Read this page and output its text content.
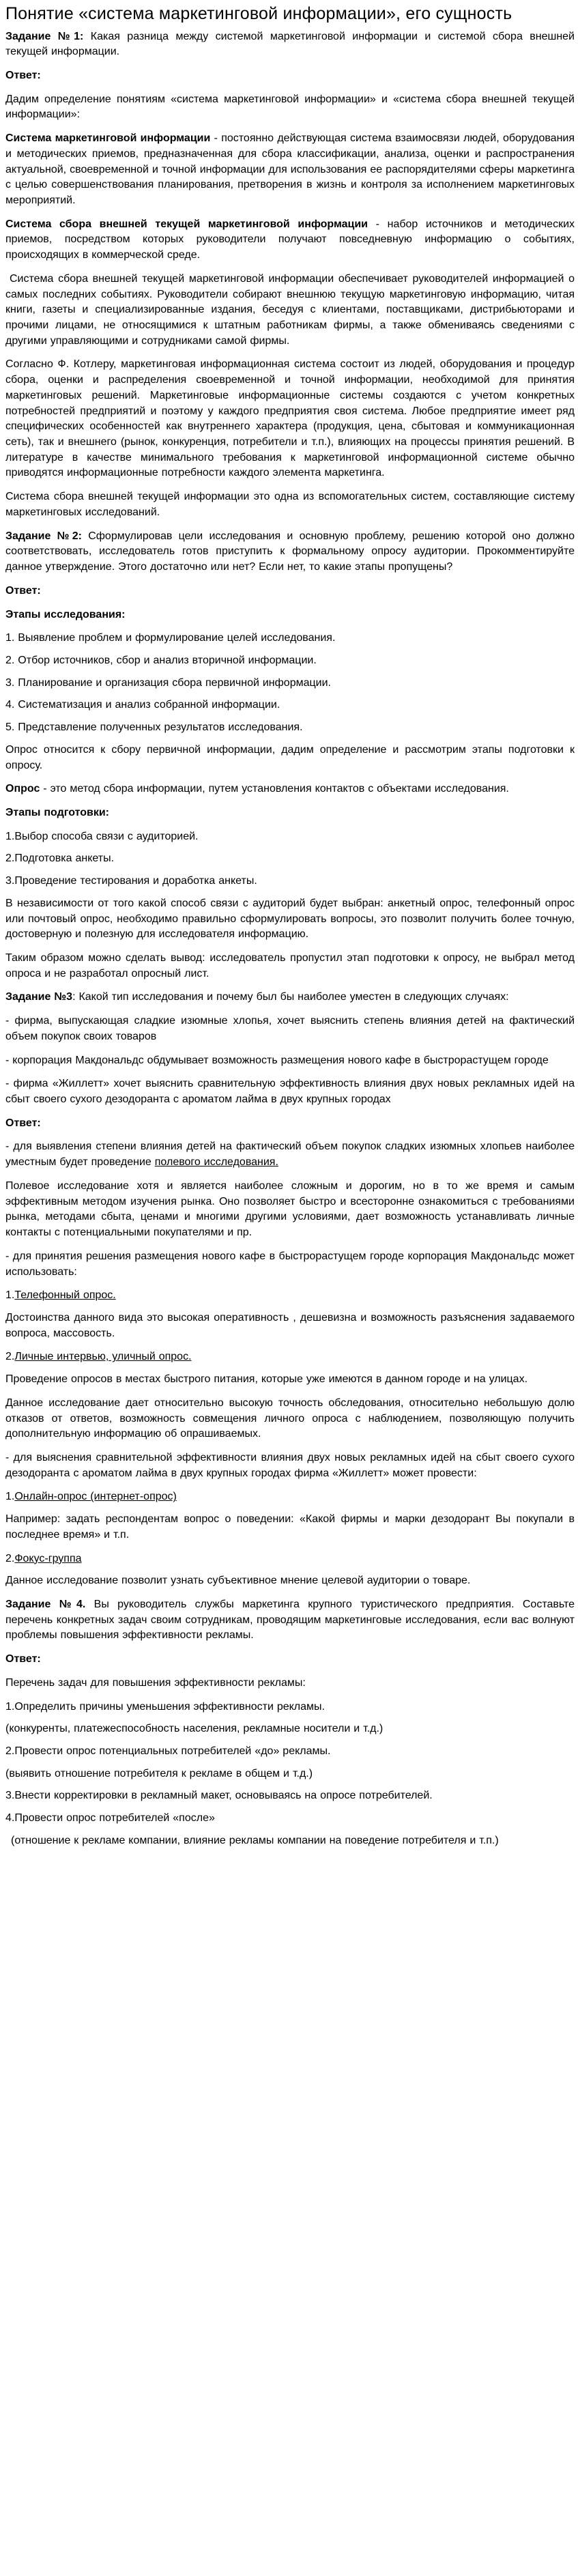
Понятие «система маркетинговой информации», его сущность

Задание №1: Какая разница между системой маркетинговой информации и системой сбора внешней текущей информации.

Ответ:

Дадим определение понятиям «система маркетинговой информации» и «система сбора внешней текущей информации»:

Система маркетинговой информации - постоянно действующая система взаимосвязи людей, оборудования и методических приемов, предназначенная для сбора классификации, анализа, оценки и распространения актуальной, своевременной и точной информации для использования ее распорядителями сферы маркетинга с целью совершенствования планирования, претворения в жизнь и контроля за исполнением маркетинговых мероприятий.

Система сбора внешней текущей маркетинговой информации - набор источников и методических приемов, посредством которых руководители получают повседневную информацию о событиях, происходящих в коммерческой среде.

Система сбора внешней текущей маркетинговой информации обеспечивает руководителей информацией о самых последних событиях. Руководители собирают внешнюю текущую маркетинговую информацию, читая книги, газеты и специализированные издания, беседуя с клиентами, поставщиками, дистрибьюторами и прочими лицами, не относящимися к штатным работникам фирмы, а также обмениваясь сведениями с другими управляющими и сотрудниками самой фирмы.

Согласно Ф. Котлеру, маркетинговая информационная система состоит из людей, оборудования и процедур сбора, оценки и распределения своевременной и точной информации, необходимой для принятия маркетинговых решений. Маркетинговые информационные системы создаются с учетом конкретных потребностей предприятий и поэтому у каждого предприятия своя система. Любое предприятие имеет ряд специфических особенностей как внутреннего характера (продукция, цена, сбытовая и коммуникационная сеть), так и внешнего (рынок, конкуренция, потребители и т.п.), влияющих на процессы принятия решений. В литературе в качестве минимального требования к маркетинговой информационной системе обычно приводятся информационные потребности каждого элемента маркетинга.

Система сбора внешней текущей информации это одна из вспомогательных систем, составляющие систему маркетинговых исследований.

Задание №2: Сформулировав цели исследования и основную проблему, решению которой оно должно соответствовать, исследователь готов приступить к формальному опросу аудитории. Прокомментируйте данное утверждение. Этого достаточно или нет? Если нет, то какие этапы пропущены?

Ответ:

Этапы исследования:

1. Выявление проблем и формулирование целей исследования.

2. Отбор источников, сбор и анализ вторичной информации.

3. Планирование и организация сбора первичной информации.

4. Систематизация и анализ собранной информации.

5. Представление полученных результатов исследования.

Опрос относится к сбору первичной информации, дадим определение и рассмотрим этапы подготовки к опросу.

Опрос - это метод сбора информации, путем установления контактов с объектами исследования.

Этапы подготовки:

1.Выбор способа связи с аудиторией.

2.Подготовка анкеты.

3.Проведение тестирования и доработка анкеты.

В независимости от того какой способ связи с аудиторий будет выбран: анкетный опрос, телефонный опрос или почтовый опрос, необходимо правильно сформулировать вопросы, это позволит получить более точную, достоверную и полезную для исследователя информацию.

Таким образом можно сделать вывод: исследователь пропустил этап подготовки к опросу, не выбрал метод опроса и не разработал опросный лист.

Задание №3: Какой тип исследования и почему был бы наиболее уместен в следующих случаях:

- фирма, выпускающая сладкие изюмные хлопья, хочет выяснить степень влияния детей на фактический объем покупок своих товаров

- корпорация Макдональдс обдумывает возможность размещения нового кафе в быстрорастущем городе

- фирма «Жиллетт» хочет выяснить сравнительную эффективность влияния двух новых рекламных идей на сбыт своего сухого дезодоранта с ароматом лайма в двух крупных городах

Ответ:

- для выявления степени влияния детей на фактический объем покупок сладких изюмных хлопьев наиболее уместным будет проведение полевого исследования.

Полевое исследование хотя и является наиболее сложным и дорогим, но в то же время и самым эффективным методом изучения рынка. Оно позволяет быстро и всесторонне ознакомиться с требованиями рынка, методами сбыта, ценами и многими другими условиями, дает возможность устанавливать личные контакты с потенциальными покупателями и пр.

- для принятия решения размещения нового кафе в быстрорастущем городе корпорация Макдональдс может использовать:

1.Телефонный опрос.

Достоинства данного вида это высокая оперативность , дешевизна и возможность разъяснения задаваемого вопроса, массовость.

2.Личные интервью, уличный опрос.

Проведение опросов в местах быстрого питания, которые уже имеются в данном городе и на улицах.

Данное исследование дает относительно высокую точность обследования, относительно небольшую долю отказов от ответов, возможность совмещения личного опроса с наблюдением, позволяющую получить дополнительную информацию об опрашиваемых.

- для выяснения сравнительной эффективности влияния двух новых рекламных идей на сбыт своего сухого дезодоранта с ароматом лайма в двух крупных городах фирма «Жиллетт» может провести:

1.Онлайн-опрос (интернет-опрос)

Например: задать респондентам вопрос о поведении: «Какой фирмы и марки дезодорант Вы покупали в последнее время» и т.п.

2.Фокус-группа

Данное исследование позволит узнать субъективное мнение целевой аудитории о товаре.

Задание №4. Вы руководитель службы маркетинга крупного туристического предприятия. Составьте перечень конкретных задач своим сотрудникам, проводящим маркетинговые исследования, если вас волнуют проблемы повышения эффективности рекламы.

Ответ:

Перечень задач для повышения эффективности рекламы:

1.Определить причины уменьшения эффективности рекламы.

(конкуренты, платежеспособность населения, рекламные носители и т.д.)

2.Провести опрос потенциальных потребителей «до» рекламы.

(выявить отношение потребителя к рекламе в общем и т.д.)

3.Внести корректировки в рекламный макет, основываясь на опросе потребителей.

4.Провести опрос потребителей «после»

(отношение к рекламе компании, влияние рекламы компании на поведение потребителя и т.п.)
